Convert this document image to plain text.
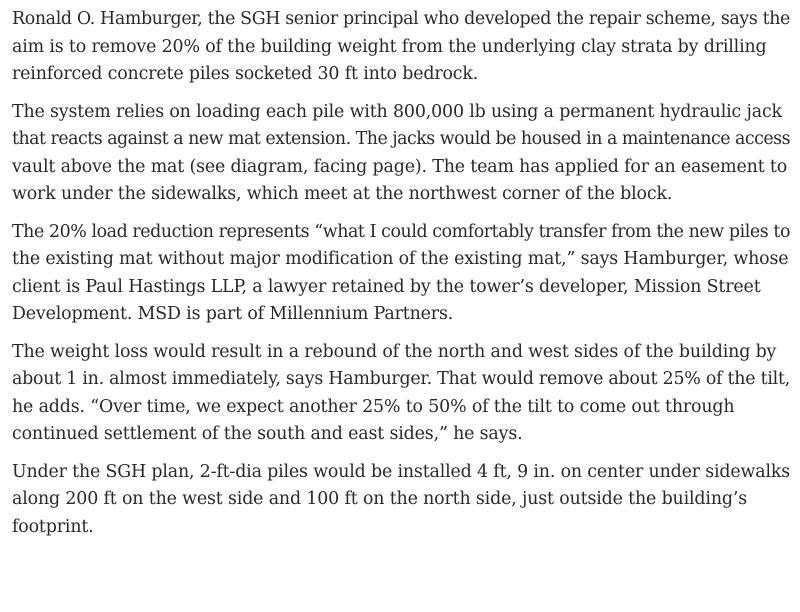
Ronald O. Hamburger, the SGH senior principal who developed the repair scheme, says the
aim is to remove 20% of the building weight from the underlying clay strata by drilling
reinforced concrete piles socketed 30 ft into bedrock.

The system relies on loading each pile with 800,000 lb using a permanent hydraulic jack
that reacts against a new mat extension. The jacks would be housed in a maintenance access
vault above the mat (see diagram, facing page). The team has applied for an easement to
work under the sidewalks, which meet at the northwest corner of the block.

The 20% load reduction represents “what I could comfortably transfer from the new piles to
the existing mat without major modification of the existing mat,” says Hamburger, whose
client is Paul Hastings LLP, a lawyer retained by the tower’s developer, Mission Street
Development. MSD is part of Millennium Partners.

The weight loss would result in a rebound of the north and west sides of the building by
about 1 in. almost immediately, says Hamburger. That would remove about 25% of the tilt,
he adds. “Over time, we expect another 25% to 50% of the tilt to come out through
continued settlement of the south and east sides,” he says.

Under the SGH plan, 2-ft-dia piles would be installed 4 ft, 9 in. on center under sidewalks
along 200 ft on the west side and 100 ft on the north side, just outside the building’s
footprint.
